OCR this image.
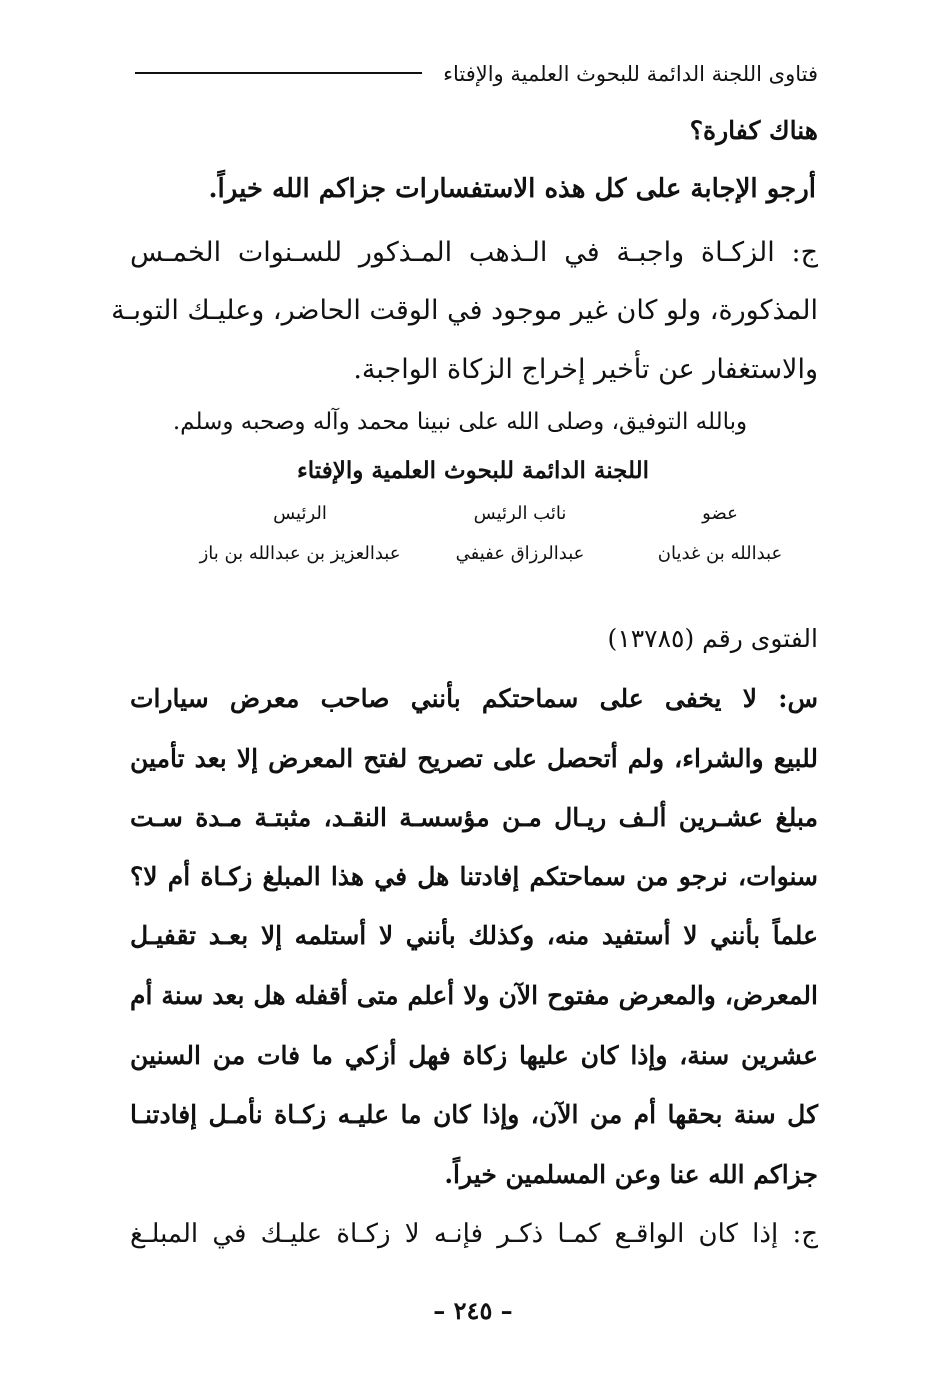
فتاوى اللجنة الدائمة للبحوث العلمية والإفتاء
هناك كفارة؟
أرجو الإجابة على كل هذه الاستفسارات جزاكم الله خيراً.
ج: الزكـاة واجبـة في الـذهب المـذكور للسـنوات الخمـس
المذكورة، ولو كان غير موجود في الوقت الحاضر، وعليـك التوبـة
والاستغفار عن تأخير إخراج الزكاة الواجبة.
وبالله التوفيق، وصلى الله على نبينا محمد وآله وصحبه وسلم.
اللجنة الدائمة للبحوث العلمية والإفتاء
الرئيس	نائب الرئيس	عضو
عبدالعزيز بن عبدالله بن باز	عبدالرزاق عفيفي	عبدالله بن غديان
الفتوى رقم (١٣٧٨٥)
س: لا يخفى على سماحتكم بأنني صاحب معرض سيارات
للبيع والشراء، ولم أتحصل على تصريح لفتح المعرض إلا بعد تأمين
مبلغ عشـرين ألـف ريـال مـن مؤسسـة النقـد، مثبتـة مـدة سـت
سنوات، نرجو من سماحتكم إفادتنا هل في هذا المبلغ زكـاة أم لا؟
علماً بأنني لا أستفيد منه، وكذلك بأنني لا أستلمه إلا بعـد تقفيـل
المعرض، والمعرض مفتوح الآن ولا أعلم متى أقفله هل بعد سنة أم
عشرين سنة، وإذا كان عليها زكاة فهل أزكي ما فات من السنين
كل سنة بحقها أم من الآن، وإذا كان ما عليـه زكـاة نأمـل إفادتنـا
جزاكم الله عنا وعن المسلمين خيراً.
ج: إذا كان الواقـع كمـا ذكـر فإنـه لا زكـاة عليـك في المبلـغ
– ٢٤٥ –
